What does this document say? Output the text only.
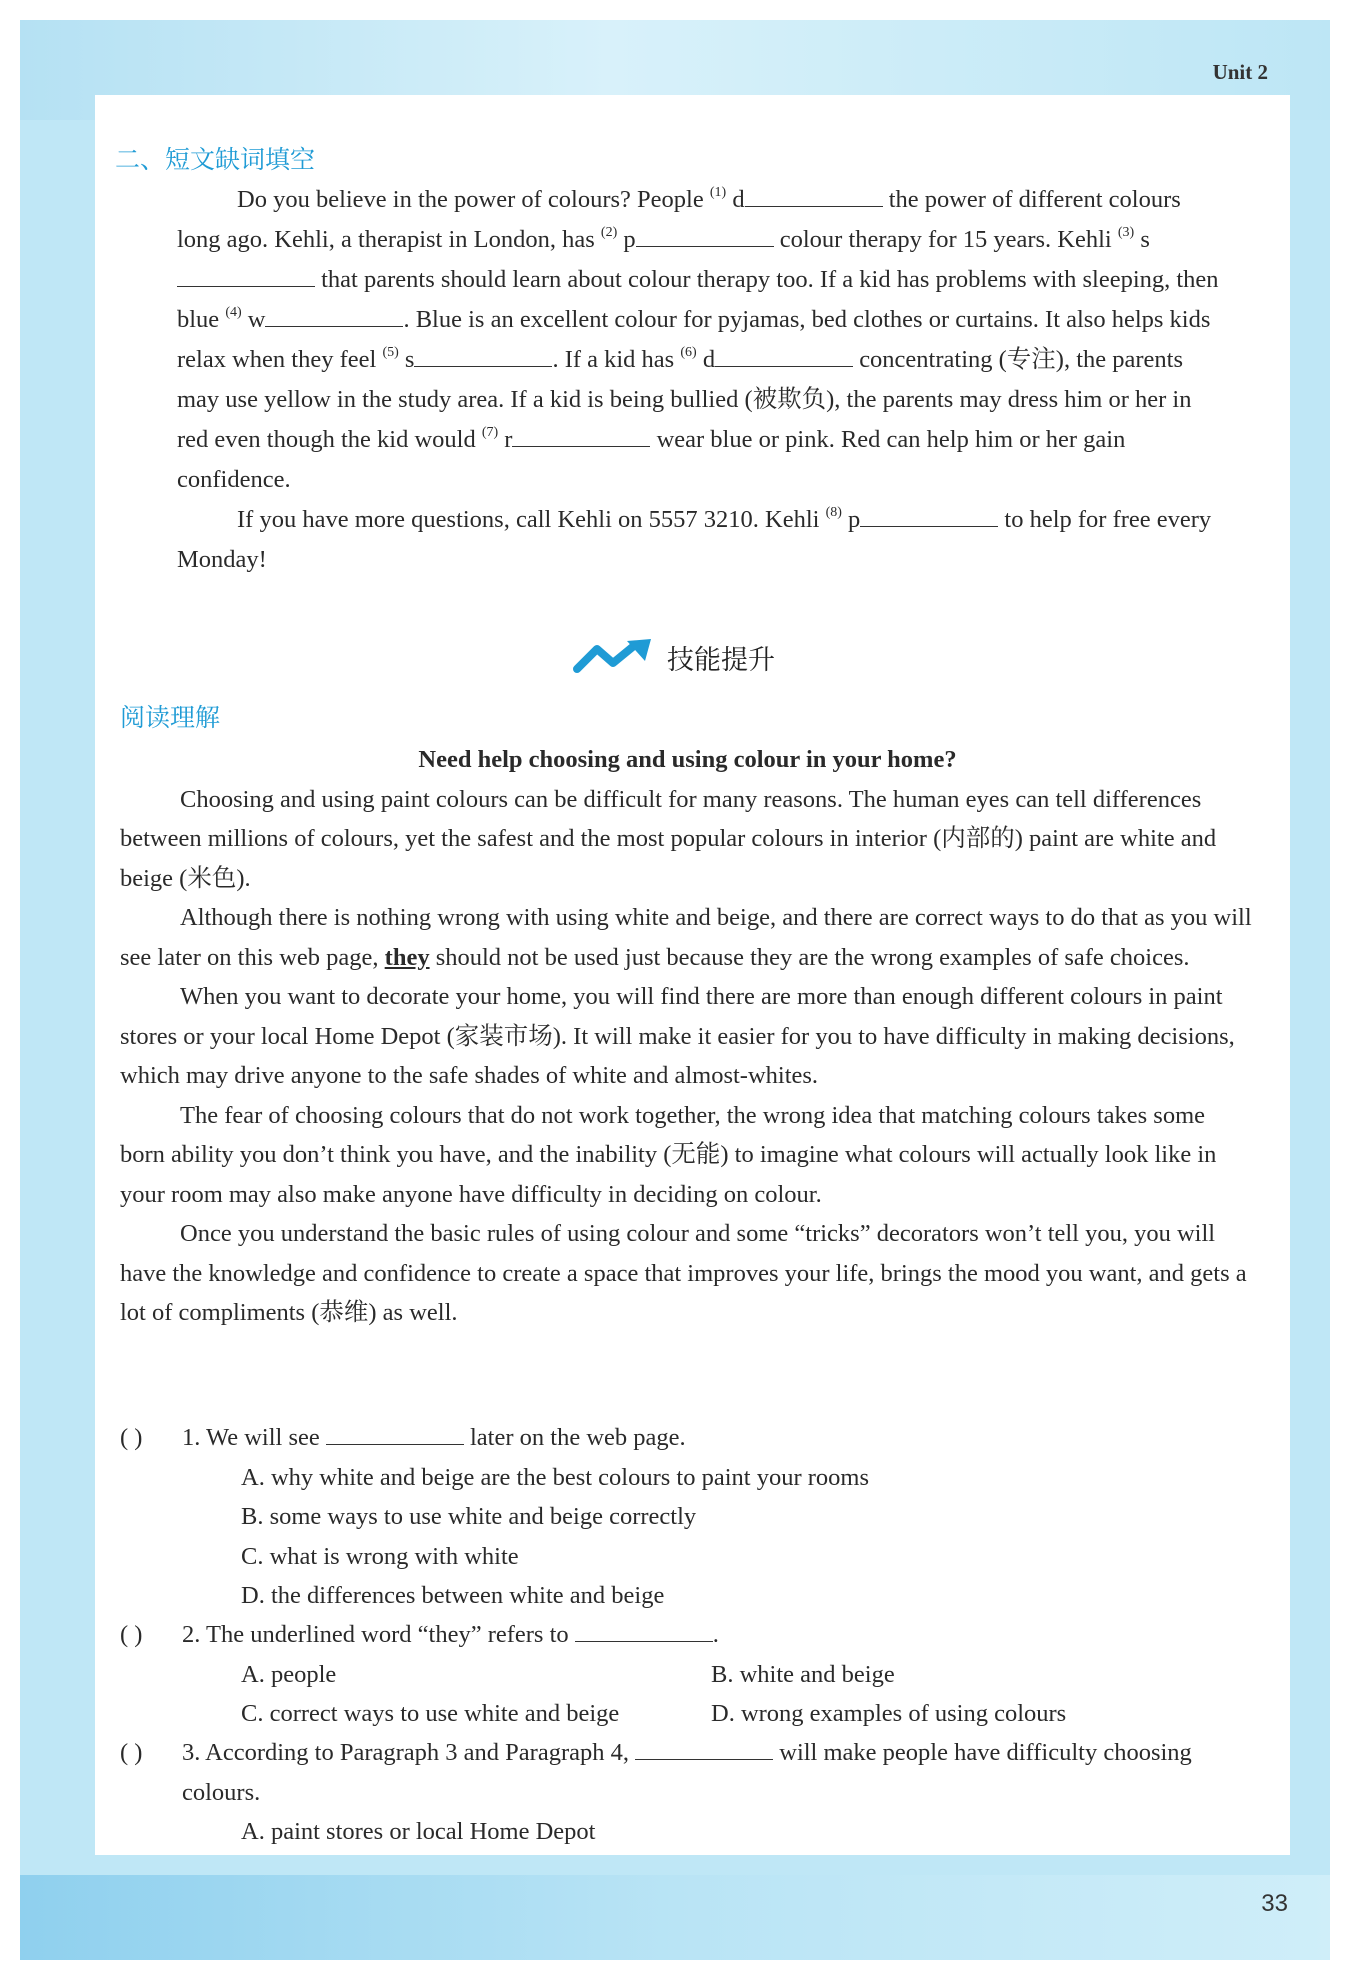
Unit 2
33
二、短文缺词填空

Do you believe in the power of colours? People $^{(1)}$ d	the power of different colours long ago. Kehli, a therapist in London, has $^{(2)}$ p	colour therapy for 15 years. Kehli $^{(3)}$ s that parents should learn about colour therapy too. If a kid has problems with sleeping, then blue $^{(4)}$ w	. Blue is an excellent colour for pyjamas, bed clothes or curtains. It also helps kids relax when they feel $^{(5)}$ s	. If a kid has $^{(6)}$ d	concentrating (专注), the parents may use yellow in the study area. If a kid is being bullied (被欺负), the parents may dress him or her in red even though the kid would $^{(7)}$ r	wear blue or pink. Red can help him or her gain confidence.

If you have more questions, call Kehli on 5557 3210. Kehli $^{(8)}$ p	to help for free every Monday!

技能提升
阅读理解

Need help choosing and using colour in your home?

Choosing and using paint colours can be difficult for many reasons. The human eyes can tell differences between millions of colours, yet the safest and the most popular colours in interior (内部的) paint are white and beige (米色).

Although there is nothing wrong with using white and beige, and there are correct ways to do that as you will see later on this web page, they should not be used just because they are the wrong examples of safe choices.

When you want to decorate your home, you will find there are more than enough different colours in paint stores or your local Home Depot (家装市场). It will make it easier for you to have difficulty in making decisions, which may drive anyone to the safe shades of white and almost-whites.

The fear of choosing colours that do not work together, the wrong idea that matching colours takes some born ability you don’t think you have, and the inability (无能) to imagine what colours will actually look like in your room may also make anyone have difficulty in deciding on colour.

Once you understand the basic rules of using colour and some “tricks” decorators won’t tell you, you will have the knowledge and confidence to create a space that improves your life, brings the mood you want, and gets a lot of compliments (恭维) as well.

( ) 1. We will see	later on the web page.
A. why white and beige are the best colours to paint your rooms
B. some ways to use white and beige correctly
C. what is wrong with white
D. the differences between white and beige
( ) 2. The underlined word “they” refers to	.
A. people	B. white and beige
C. correct ways to use white and beige	D. wrong examples of using colours
( ) 3. According to Paragraph 3 and Paragraph 4,	will make people have difficulty choosing colours.
A. paint stores or local Home Depot
